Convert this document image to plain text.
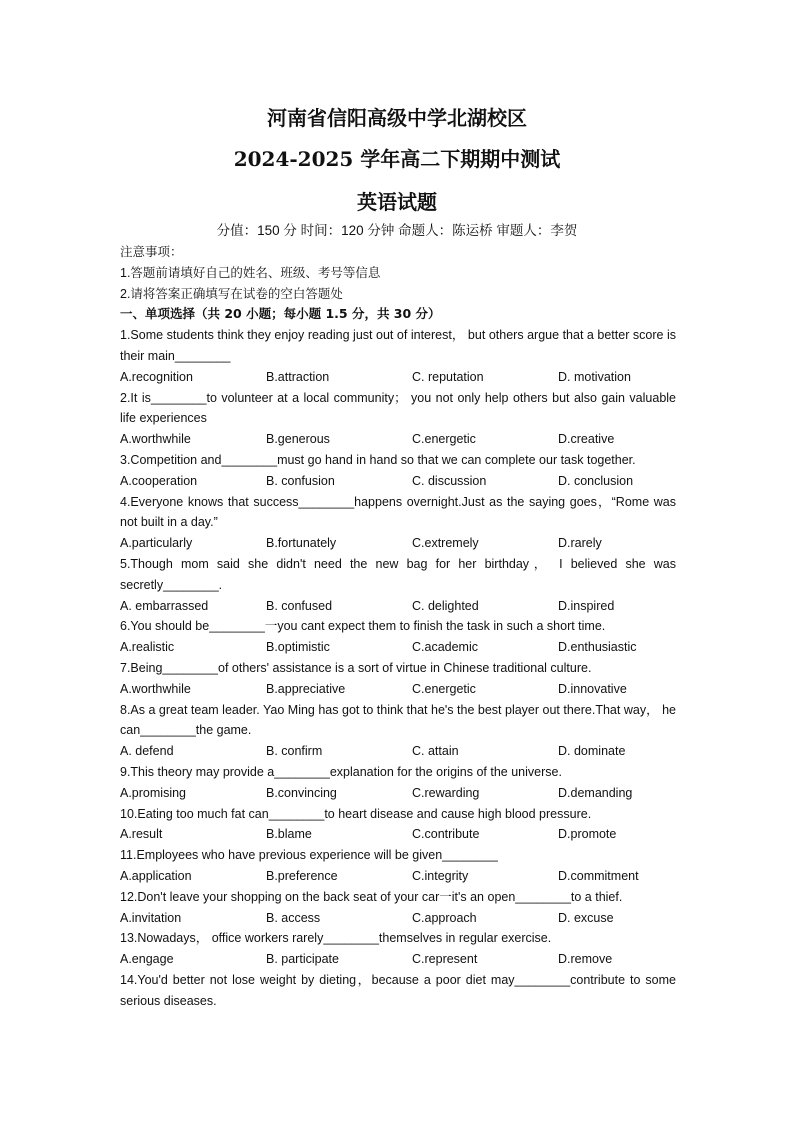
河南省信阳高级中学北湖校区
2024-2025 学年高二下期期中测试
英语试题
分值：150 分 时间：120 分钟 命题人：陈运桥 审题人：李贺
注意事项：
1.答题前请填好自己的姓名、班级、考号等信息
2.请将答案正确填写在试卷的空白答题处
一、单项选择（共 20 小题；每小题 1.5 分，共 30 分）
1.Some students think they enjoy reading just out of interest， but others argue that a better score is their main________
A.recognition	B.attraction	C. reputation	D. motivation
2.It is________to volunteer at a local community； you not only help others but also gain valuable life experiences
A.worthwhile	B.generous	C.energetic	D.creative
3.Competition and________must go hand in hand so that we can complete our task together.
A.cooperation	B. confusion	C. discussion	D. conclusion
4.Everyone knows that success________happens overnight.Just as the saying goes，“Rome was not built in a day.”
A.particularly	B.fortunately	C.extremely	D.rarely
5.Though mom said she didn't need the new bag for her birthday， I believed she was secretly________.
A. embarrassed	B. confused	C. delighted	D.inspired
6.You should be________一you cant expect them to finish the task in such a short time.
A.realistic	B.optimistic	C.academic	D.enthusiastic
7.Being________of others' assistance is a sort of virtue in Chinese traditional culture.
A.worthwhile	B.appreciative	C.energetic	D.innovative
8.As a great team leader. Yao Ming has got to think that he's the best player out there.That way， he can________the game.
A. defend	B. confirm	C. attain	D. dominate
9.This theory may provide a________explanation for the origins of the universe.
A.promising	B.convincing	C.rewarding	D.demanding
10.Eating too much fat can________to heart disease and cause high blood pressure.
A.result	B.blame	C.contribute	D.promote
11.Employees who have previous experience will be given________
A.application	B.preference	C.integrity	D.commitment
12.Don't leave your shopping on the back seat of your car一it's an open________to a thief.
A.invitation	B. access	C.approach	D. excuse
13.Nowadays， office workers rarely________themselves in regular exercise.
A.engage	B. participate	C.represent	D.remove
14.You'd better not lose weight by dieting，because a poor diet may________contribute to some serious diseases.
